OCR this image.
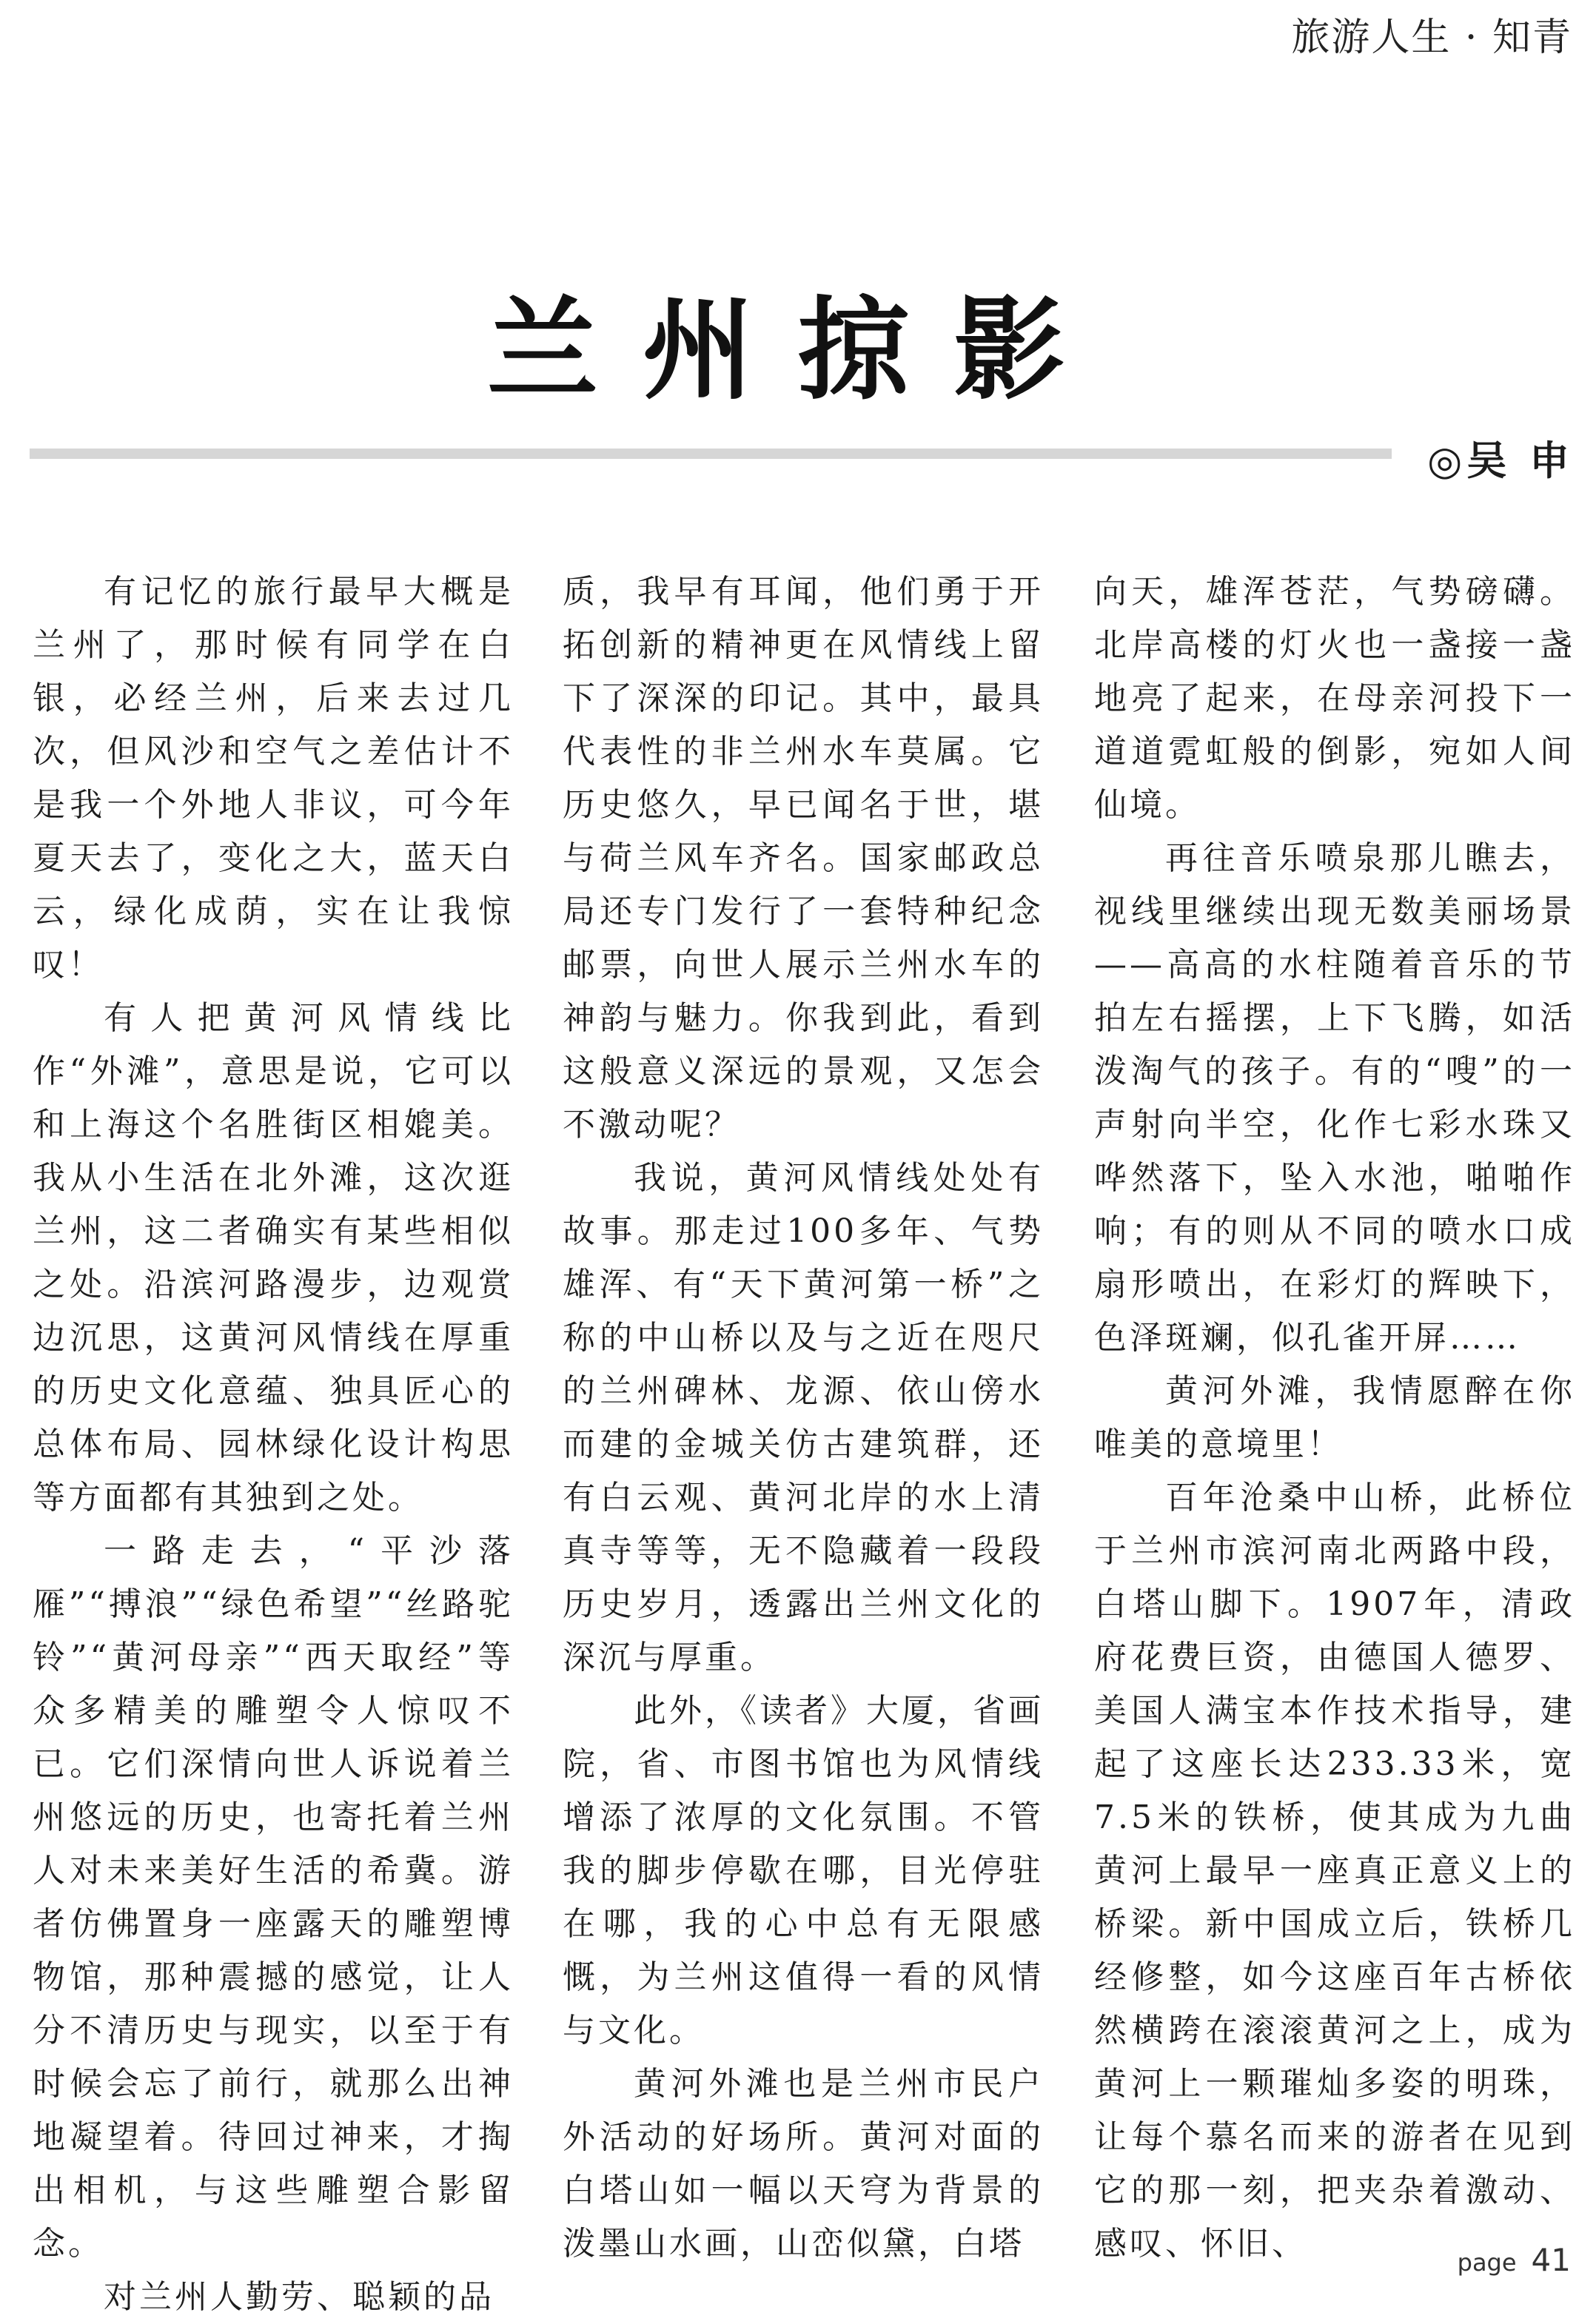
旅游人生 · 知青
兰州掠影
◎吴 申

有记忆的旅行最早大概是兰州了，那时候有同学在白银，必经兰州，后来去过几次，但风沙和空气之差估计不是我一个外地人非议，可今年夏天去了，变化之大，蓝天白云，绿化成荫，实在让我惊叹！

有人把黄河风情线比作“外滩”，意思是说，它可以和上海这个名胜街区相媲美。我从小生活在北外滩，这次逛兰州，这二者确实有某些相似之处。沿滨河路漫步，边观赏边沉思，这黄河风情线在厚重的历史文化意蕴、独具匠心的总体布局、园林绿化设计构思等方面都有其独到之处。

一路走去，“平沙落雁”“搏浪”“绿色希望”“丝路驼铃”“黄河母亲”“西天取经”等众多精美的雕塑令人惊叹不已。它们深情向世人诉说着兰州悠远的历史，也寄托着兰州人对未来美好生活的希冀。游者仿佛置身一座露天的雕塑博物馆，那种震撼的感觉，让人分不清历史与现实，以至于有时候会忘了前行，就那么出神地凝望着。待回过神来，才掏出相机，与这些雕塑合影留念。

对兰州人勤劳、聪颖的品

质，我早有耳闻，他们勇于开拓创新的精神更在风情线上留下了深深的印记。其中，最具代表性的非兰州水车莫属。它历史悠久，早已闻名于世，堪与荷兰风车齐名。国家邮政总局还专门发行了一套特种纪念邮票，向世人展示兰州水车的神韵与魅力。你我到此，看到这般意义深远的景观，又怎会不激动呢？

我说，黄河风情线处处有故事。那走过100多年、气势雄浑、有“天下黄河第一桥”之称的中山桥以及与之近在咫尺的兰州碑林、龙源、依山傍水而建的金城关仿古建筑群，还有白云观、黄河北岸的水上清真寺等等，无不隐藏着一段段历史岁月，透露出兰州文化的深沉与厚重。

此外，《读者》大厦，省画院，省、市图书馆也为风情线增添了浓厚的文化氛围。不管我的脚步停歇在哪，目光停驻在哪，我的心中总有无限感慨，为兰州这值得一看的风情与文化。

黄河外滩也是兰州市民户外活动的好场所。黄河对面的白塔山如一幅以天穹为背景的泼墨山水画，山峦似黛，白塔

向天，雄浑苍茫，气势磅礴。北岸高楼的灯火也一盏接一盏地亮了起来，在母亲河投下一道道霓虹般的倒影，宛如人间仙境。

再往音乐喷泉那儿瞧去，视线里继续出现无数美丽场景——高高的水柱随着音乐的节拍左右摇摆，上下飞腾，如活泼淘气的孩子。有的“嗖”的一声射向半空，化作七彩水珠又哗然落下，坠入水池，啪啪作响；有的则从不同的喷水口成扇形喷出，在彩灯的辉映下，色泽斑斓，似孔雀开屏……

黄河外滩，我情愿醉在你唯美的意境里！

百年沧桑中山桥，此桥位于兰州市滨河南北两路中段，白塔山脚下。1907年，清政府花费巨资，由德国人德罗、美国人满宝本作技术指导，建起了这座长达233.33米，宽7.5米的铁桥，使其成为九曲黄河上最早一座真正意义上的桥梁。新中国成立后，铁桥几经修整，如今这座百年古桥依然横跨在滚滚黄河之上，成为黄河上一颗璀灿多姿的明珠，让每个慕名而来的游者在见到它的那一刻，把夹杂着激动、感叹、怀旧、	page 41
